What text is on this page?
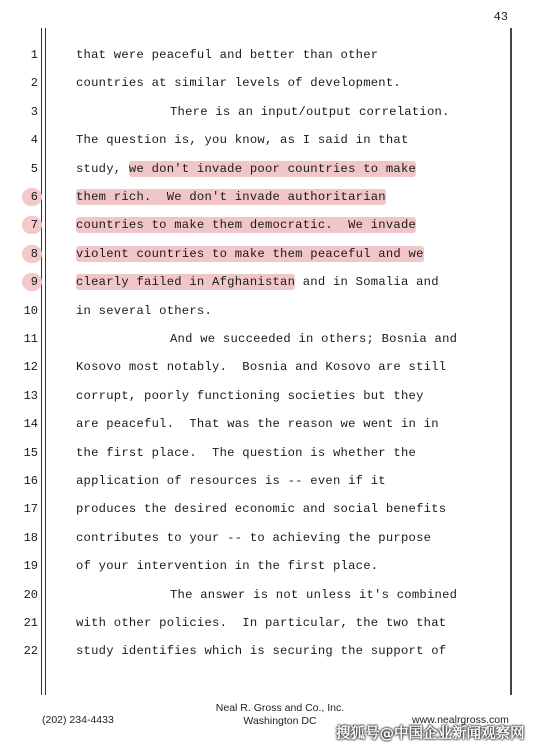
43
1	that were peaceful and better than other
2	countries at similar levels of development.
3	There is an input/output correlation.
4	The question is, you know, as I said in that
5	study, we don't invade poor countries to make
6	them rich.  We don't invade authoritarian
7	countries to make them democratic.  We invade
8	violent countries to make them peaceful and we
9	clearly failed in Afghanistan and in Somalia and
10	in several others.
11	And we succeeded in others; Bosnia and
12	Kosovo most notably.  Bosnia and Kosovo are still
13	corrupt, poorly functioning societies but they
14	are peaceful.  That was the reason we went in in
15	the first place.  The question is whether the
16	application of resources is -- even if it
17	produces the desired economic and social benefits
18	contributes to your -- to achieving the purpose
19	of your intervention in the first place.
20	The answer is not unless it's combined
21	with other policies.  In particular, the two that
22	study identifies which is securing the support of
(202) 234-4433
Neal R. Gross and Co., Inc.
Washington DC	www.nealrgross.com
搜狐号@中国企业新闻观察网
